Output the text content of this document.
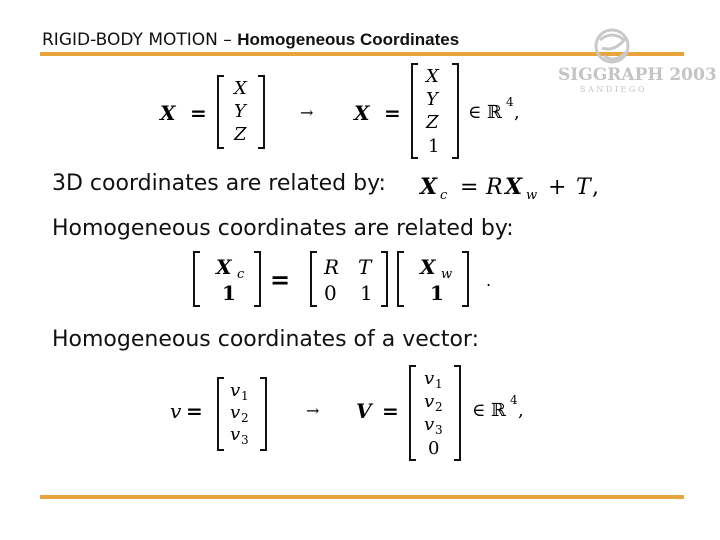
RIGID-BODY MOTION – Homogeneous Coordinates
SIGGRAPH 2003
S A N D I E G O
X =
X
Y
Z
→ X =
X
Y
Z
1
∈ ℝ 4 ,
3D coordinates are related by: X c = R X w + T ,
Homogeneous coordinates are related by:
X c
1 = R T
0 1
X w
1
.
Homogeneous coordinates of a vector:
v =
v 1
v 2
v 3
→ V =
v 1
v 2
v 3
0
∈ ℝ 4 ,
